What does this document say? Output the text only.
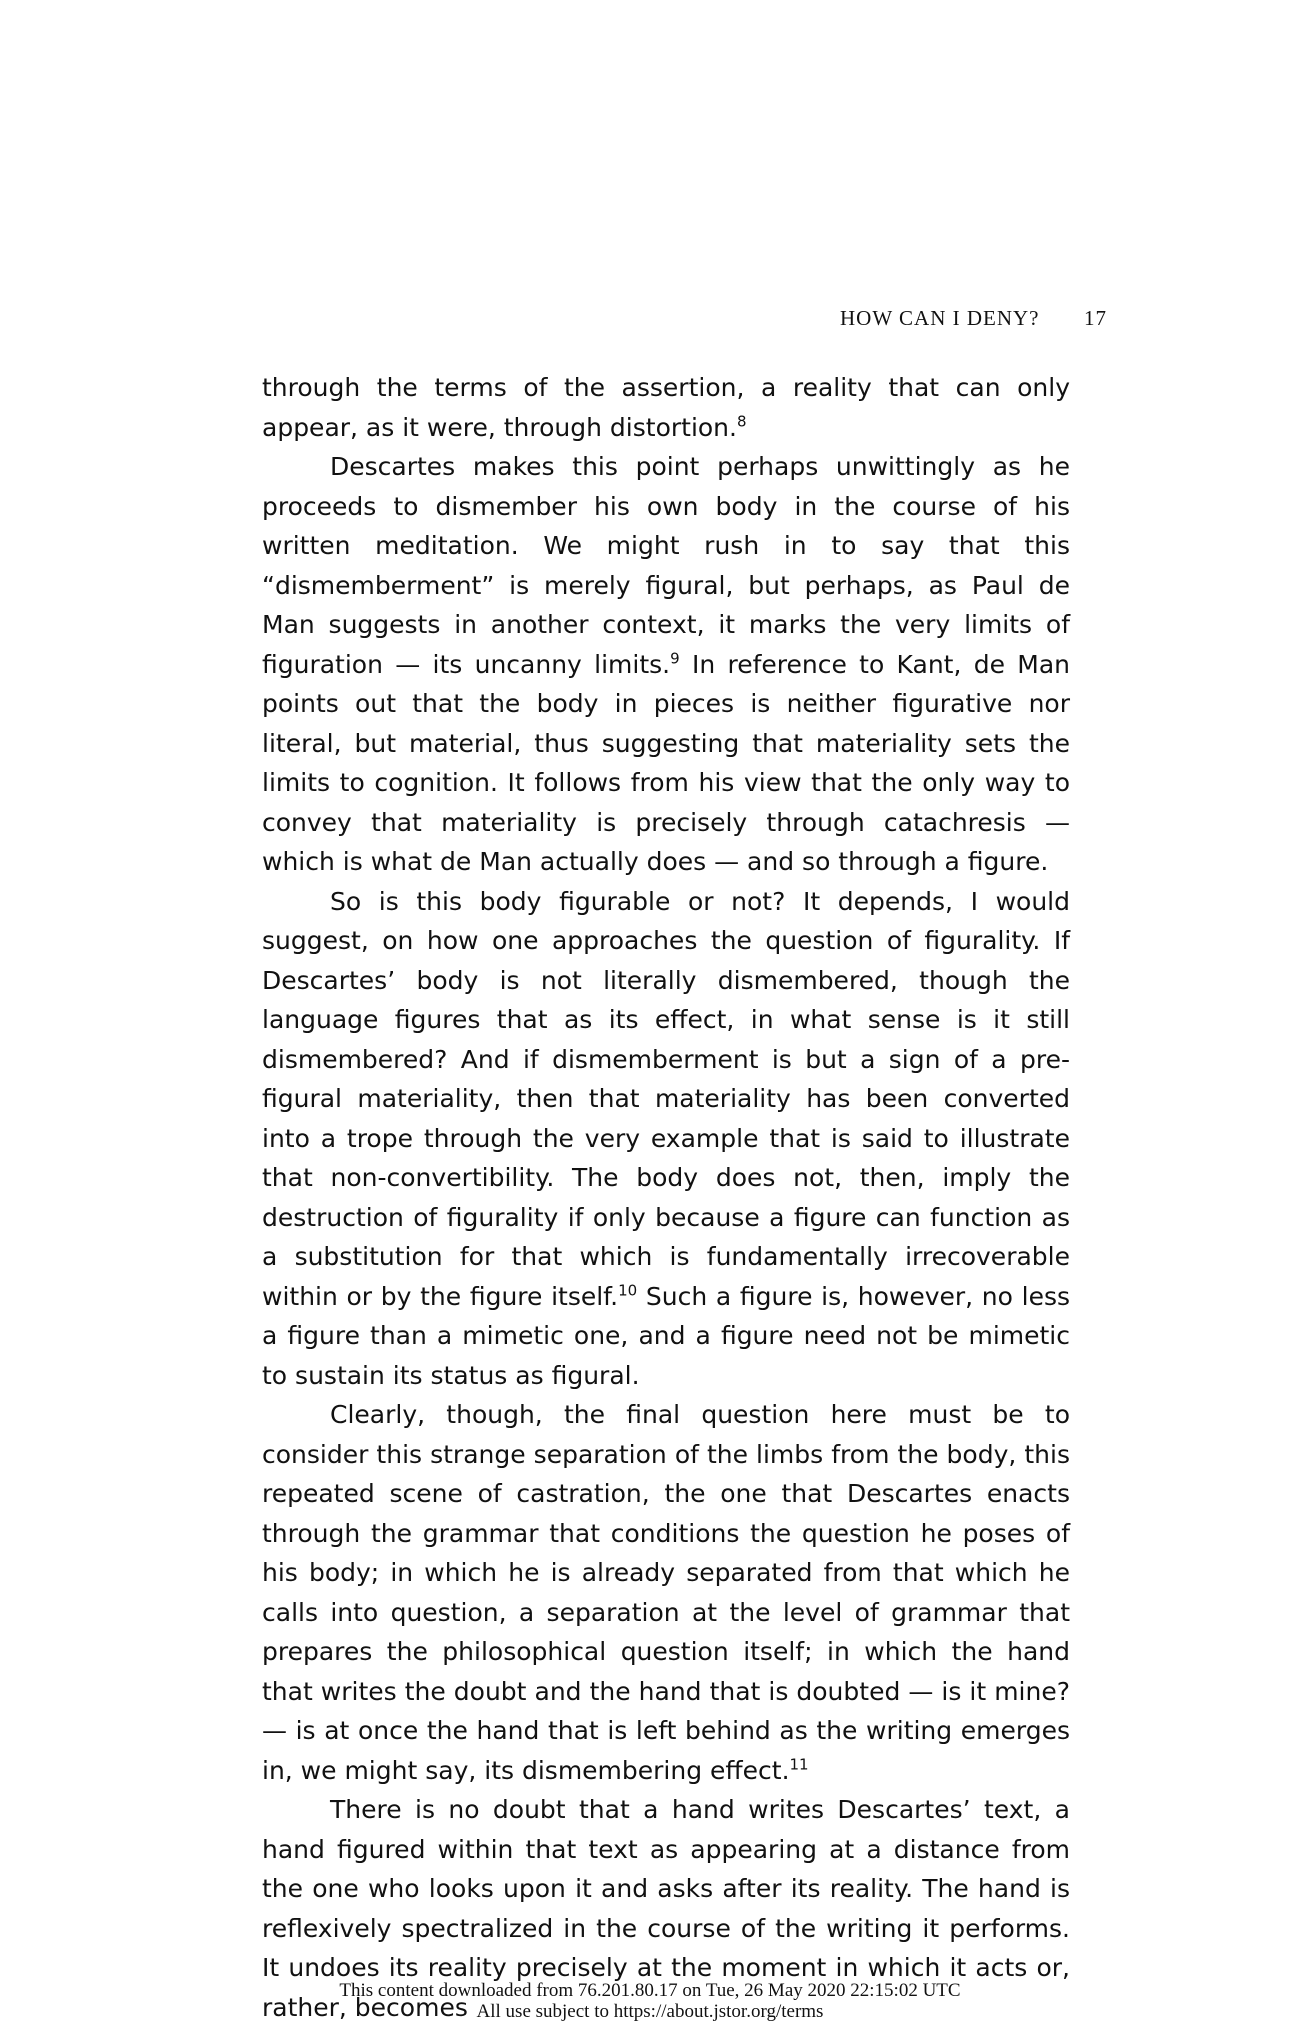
HOW CAN I DENY? 17

through the terms of the assertion, a reality that can only appear, as it were, through distortion.$^8$

Descartes makes this point perhaps unwittingly as he proceeds to dismember his own body in the course of his written meditation. We might rush in to say that this “dismemberment” is merely figural, but perhaps, as Paul de Man suggests in another context, it marks the very limits of figuration — its uncanny limits.$^9$ In reference to Kant, de Man points out that the body in pieces is neither figurative nor literal, but material, thus suggesting that materiality sets the limits to cognition. It follows from his view that the only way to convey that materiality is precisely through catachresis — which is what de Man actually does — and so through a figure.

So is this body figurable or not? It depends, I would suggest, on how one approaches the question of figurality. If Descartes’ body is not literally dismembered, though the language figures that as its effect, in what sense is it still dismembered? And if dismemberment is but a sign of a pre-figural materiality, then that materiality has been converted into a trope through the very example that is said to illustrate that non-convertibility. The body does not, then, imply the destruction of figurality if only because a figure can function as a substitution for that which is fundamentally irrecoverable within or by the figure itself.$^{10}$ Such a figure is, however, no less a figure than a mimetic one, and a figure need not be mimetic to sustain its status as figural.

Clearly, though, the final question here must be to consider this strange separation of the limbs from the body, this repeated scene of castration, the one that Descartes enacts through the grammar that conditions the question he poses of his body; in which he is already separated from that which he calls into question, a separation at the level of grammar that prepares the philosophical question itself; in which the hand that writes the doubt and the hand that is doubted — is it mine? — is at once the hand that is left behind as the writing emerges in, we might say, its dismembering effect.$^{11}$

There is no doubt that a hand writes Descartes’ text, a hand figured within that text as appearing at a distance from the one who looks upon it and asks after its reality. The hand is reflexively spectralized in the course of the writing it performs. It undoes its reality precisely at the moment in which it acts or, rather, becomes

This content downloaded from 76.201.80.17 on Tue, 26 May 2020 22:15:02 UTC
All use subject to https://about.jstor.org/terms
